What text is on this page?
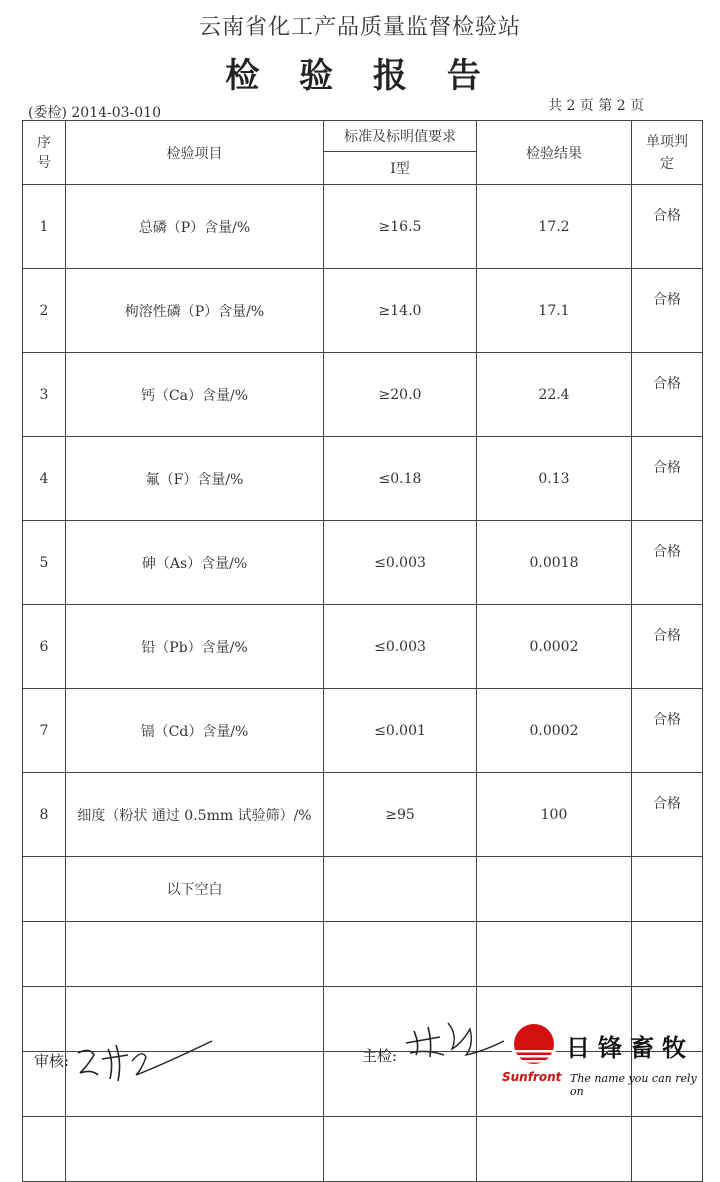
云南省化工产品质量监督检验站
检 验 报 告
(委检) 2014-03-010	共 2 页 第 2 页
序号	检验项目	标准及标明值要求	检验结果	单项判定
		Ⅰ型		
1	总磷（P）含量/%	≥16.5	17.2	合格
2	枸溶性磷（P）含量/%	≥14.0	17.1	合格
3	钙（Ca）含量/%	≥20.0	22.4	合格
4	氟（F）含量/%	≤0.18	0.13	合格
5	砷（As）含量/%	≤0.003	0.0018	合格
6	铅（Pb）含量/%	≤0.003	0.0002	合格
7	镉（Cd）含量/%	≤0.001	0.0002	合格
8	细度（粉状 通过 0.5mm 试验筛）/%	≥95	100	合格
	以下空白			

审核:	主检:	日锋畜牧
Sunfront The name you can rely on
